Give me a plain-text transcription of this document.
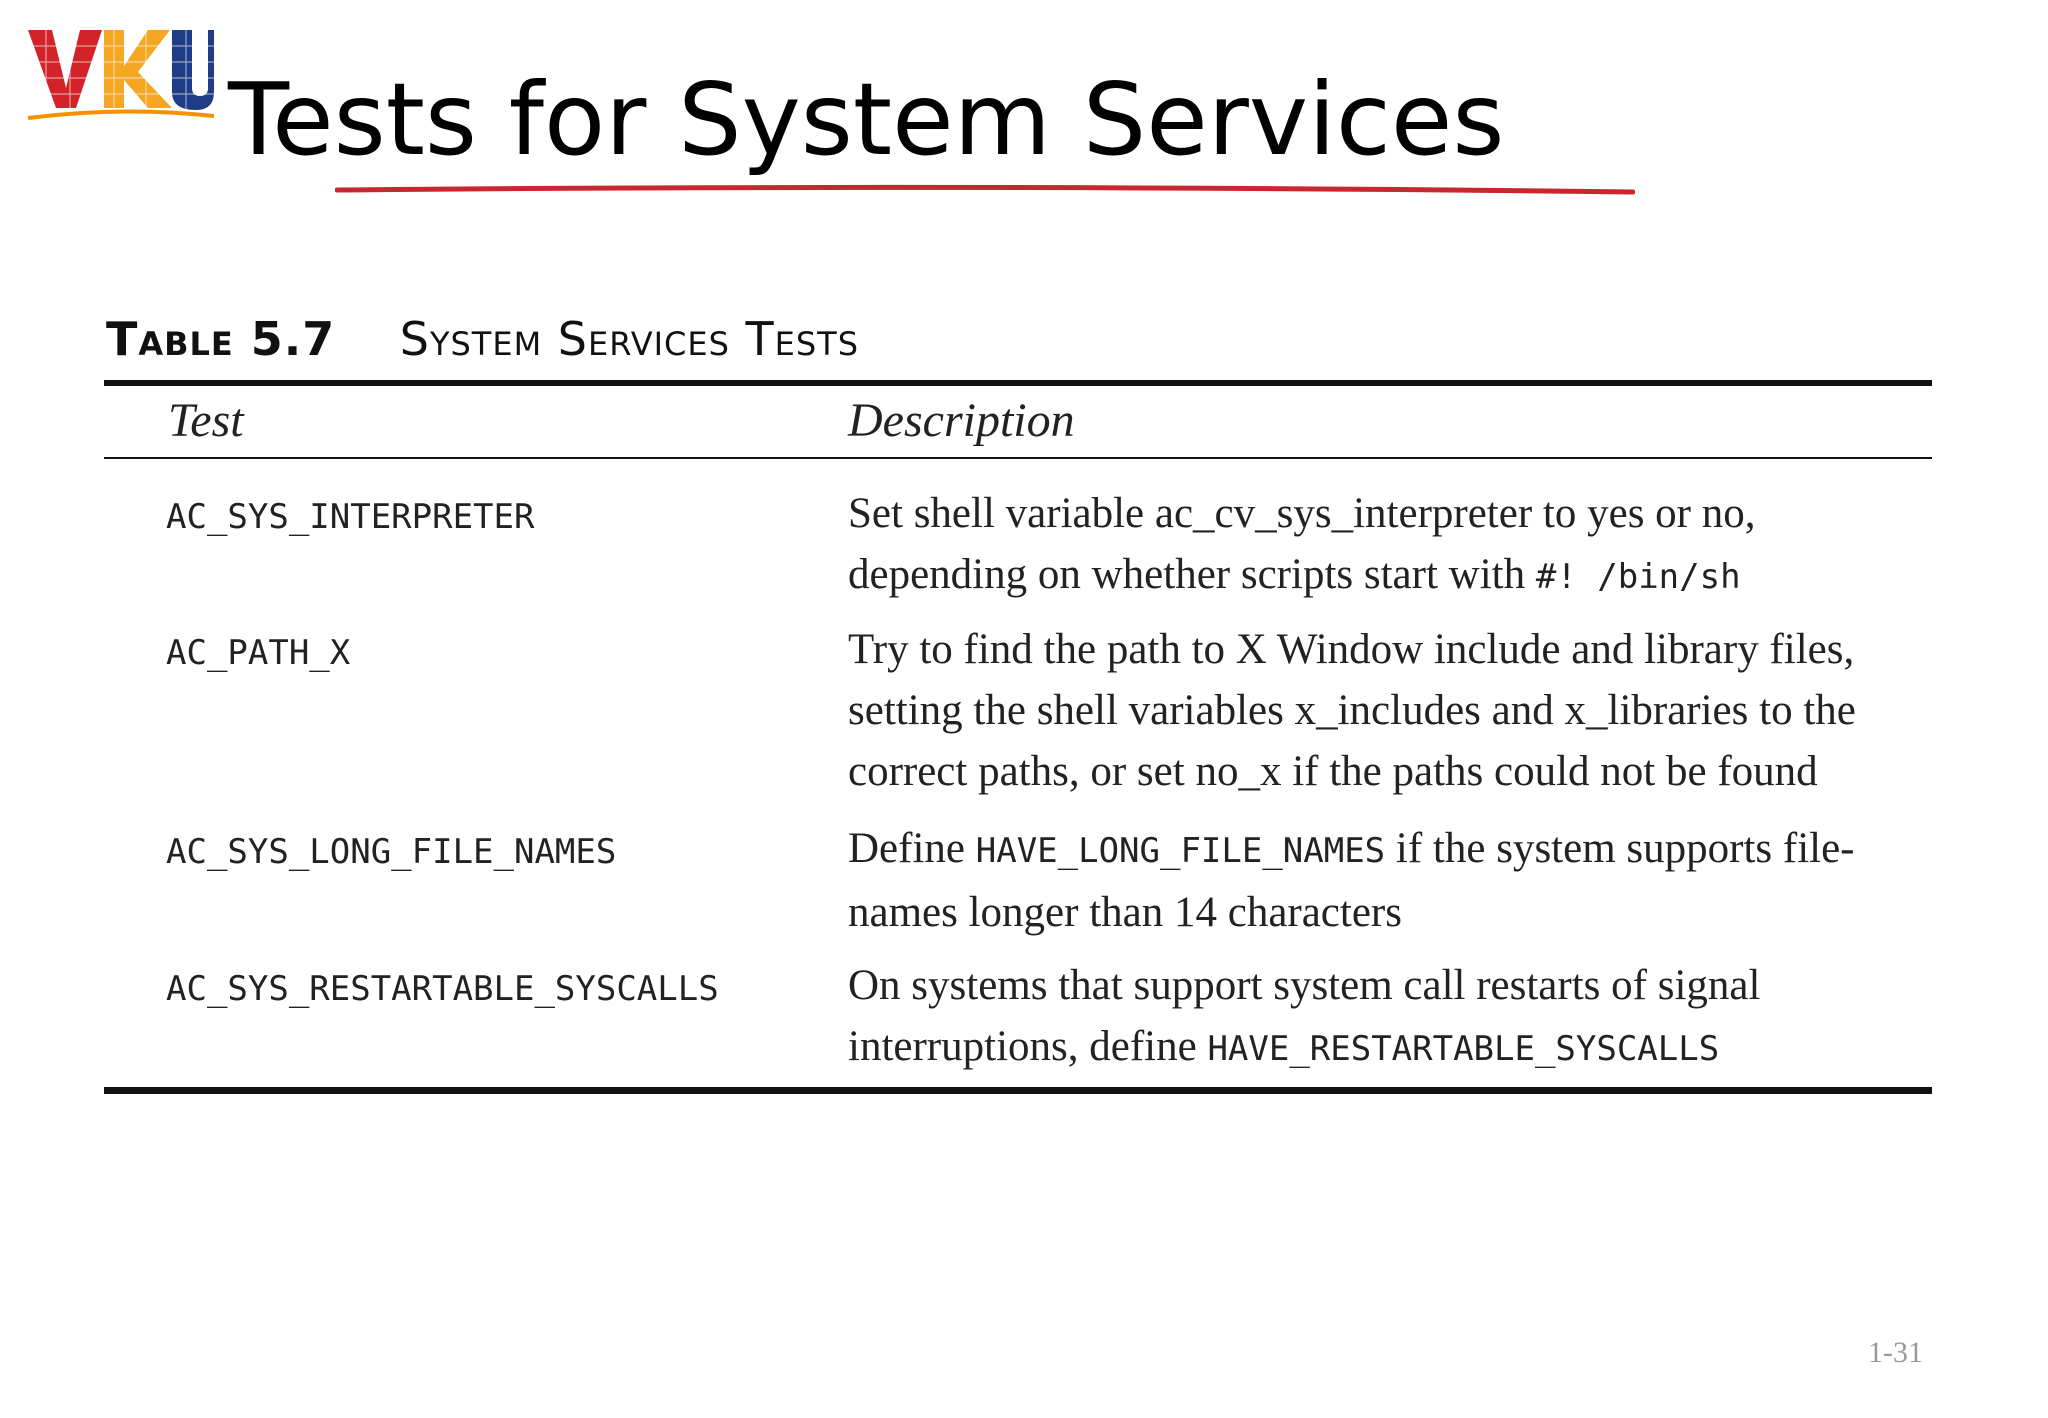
Tests for System Services
Table 5.7 System Services Tests
Test	Description
AC_SYS_INTERPRETER	Set shell variable ac_cv_sys_interpreter to yes or no,
depending on whether scripts start with #! /bin/sh
AC_PATH_X	Try to find the path to X Window include and library files,
setting the shell variables x_includes and x_libraries to the
correct paths, or set no_x if the paths could not be found
AC_SYS_LONG_FILE_NAMES	Define HAVE_LONG_FILE_NAMES if the system supports file-
names longer than 14 characters
AC_SYS_RESTARTABLE_SYSCALLS	On systems that support system call restarts of signal
interruptions, define HAVE_RESTARTABLE_SYSCALLS
1-31
